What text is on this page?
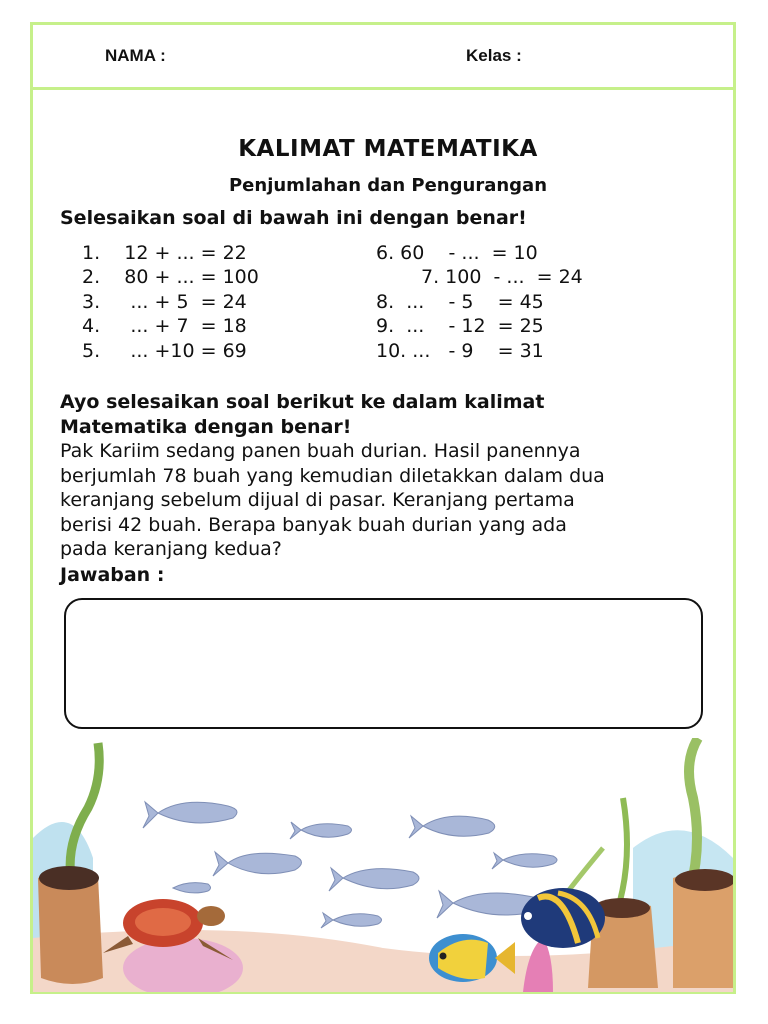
NAMA :	Kelas :
KALIMAT MATEMATIKA
Penjumlahan dan Pengurangan
Selesaikan soal di bawah ini dengan benar!
1.    12 + ... = 22
2.    80 + ... = 100
3.     ... + 5  = 24
4.     ... + 7  = 18
5.     ... +10 = 69
6. 60    - ...  = 10
7. 100  - ...  = 24
8.  ...    - 5    = 45
9.  ...    - 12  = 25
10. ...   - 9    = 31
Ayo selesaikan soal berikut ke dalam kalimat
Matematika dengan benar!
Pak Kariim sedang panen buah durian. Hasil panennya
berjumlah 78 buah yang kemudian diletakkan dalam dua
keranjang sebelum dijual di pasar. Keranjang pertama
berisi 42 buah. Berapa banyak buah durian yang ada
pada keranjang kedua?
Jawaban :
